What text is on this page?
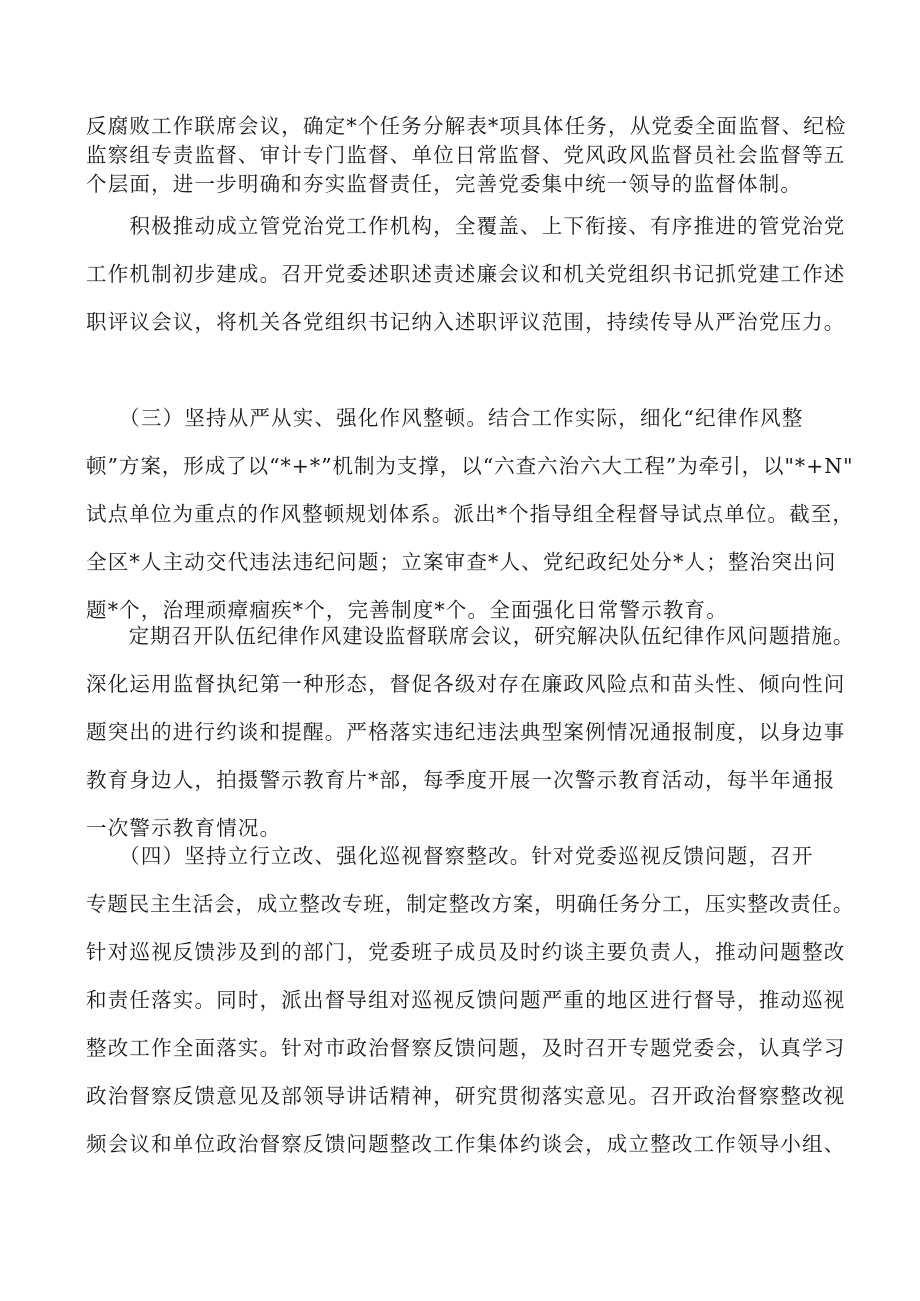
反腐败工作联席会议，确定*个任务分解表*项具体任务，从党委全面监督、纪检
监察组专责监督、审计专门监督、单位日常监督、党风政风监督员社会监督等五
个层面，进一步明确和夯实监督责任，完善党委集中统一领导的监督体制。

　　积极推动成立管党治党工作机构，全覆盖、上下衔接、有序推进的管党治党
工作机制初步建成。召开党委述职述责述廉会议和机关党组织书记抓党建工作述
职评议会议，将机关各党组织书记纳入述职评议范围，持续传导从严治党压力。

　　（三）坚持从严从实、强化作风整顿。结合工作实际，细化“纪律作风整
顿”方案，形成了以“*+*”机制为支撑，以“六查六治六大工程”为牵引，以"*+N"
试点单位为重点的作风整顿规划体系。派出*个指导组全程督导试点单位。截至，
全区*人主动交代违法违纪问题；立案审查*人、党纪政纪处分*人；整治突出问
题*个，治理顽瘴痼疾*个，完善制度*个。全面强化日常警示教育。

　　定期召开队伍纪律作风建设监督联席会议，研究解决队伍纪律作风问题措施。
深化运用监督执纪第一种形态，督促各级对存在廉政风险点和苗头性、倾向性问
题突出的进行约谈和提醒。严格落实违纪违法典型案例情况通报制度，以身边事
教育身边人，拍摄警示教育片*部，每季度开展一次警示教育活动，每半年通报
一次警示教育情况。

　　（四）坚持立行立改、强化巡视督察整改。针对党委巡视反馈问题，召开
专题民主生活会，成立整改专班，制定整改方案，明确任务分工，压实整改责任。
针对巡视反馈涉及到的部门，党委班子成员及时约谈主要负责人，推动问题整改
和责任落实。同时，派出督导组对巡视反馈问题严重的地区进行督导，推动巡视
整改工作全面落实。针对市政治督察反馈问题，及时召开专题党委会，认真学习
政治督察反馈意见及部领导讲话精神，研究贯彻落实意见。召开政治督察整改视
频会议和单位政治督察反馈问题整改工作集体约谈会，成立整改工作领导小组、
